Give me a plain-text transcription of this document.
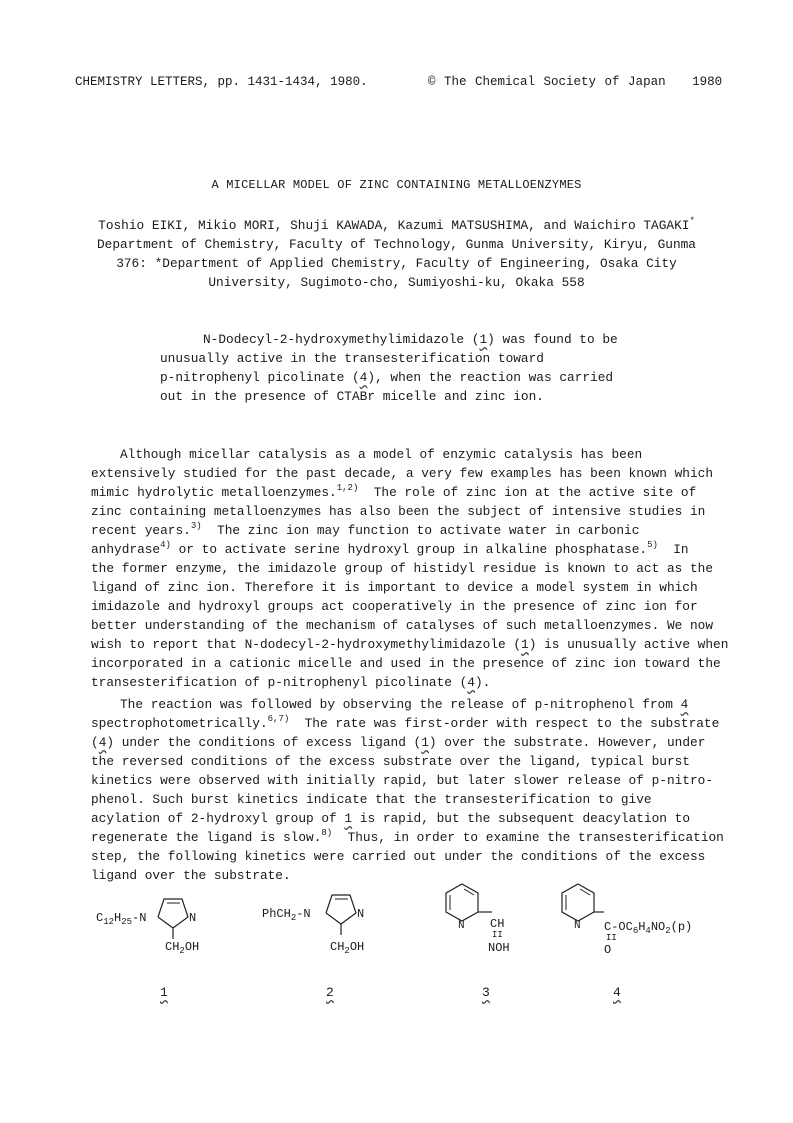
CHEMISTRY LETTERS, pp. 1431-1434, 1980.	© The Chemical Society of Japan 1980
A MICELLAR MODEL OF ZINC CONTAINING METALLOENZYMES
Toshio EIKI, Mikio MORI, Shuji KAWADA, Kazumi MATSUSHIMA, and Waichiro TAGAKI*
Department of Chemistry, Faculty of Technology, Gunma University, Kiryu, Gunma
376: *Department of Applied Chemistry, Faculty of Engineering, Osaka City
University, Sugimoto-cho, Sumiyoshi-ku, Okaka 558
N-Dodecyl-2-hydroxymethylimidazole (1) was found to be
unusually active in the transesterification toward
p-nitrophenyl picolinate (4), when the reaction was carried
out in the presence of CTABr micelle and zinc ion.
Although micellar catalysis as a model of enzymic catalysis has been
extensively studied for the past decade, a very few examples has been known which
mimic hydrolytic metalloenzymes.$^{1,2)}$ The role of zinc ion at the active site of
zinc containing metalloenzymes has also been the subject of intensive studies in
recent years.$^{3)}$ The zinc ion may function to activate water in carbonic
anhydrase$^{4)}$ or to activate serine hydroxyl group in alkaline phosphatase.$^{5)}$ In
the former enzyme, the imidazole group of histidyl residue is known to act as the
ligand of zinc ion. Therefore it is important to device a model system in which
imidazole and hydroxyl groups act cooperatively in the presence of zinc ion for
better understanding of the mechanism of catalyses of such metalloenzymes. We now
wish to report that N-dodecyl-2-hydroxymethylimidazole (1) is unusually active when
incorporated in a cationic micelle and used in the presence of zinc ion toward the
transesterification of p-nitrophenyl picolinate (4).
The reaction was followed by observing the release of p-nitrophenol from 4
spectrophotometrically.$^{6,7)}$ The rate was first-order with respect to the substrate
(4) under the conditions of excess ligand (1) over the substrate. However, under
the reversed conditions of the excess substrate over the ligand, typical burst
kinetics were observed with initially rapid, but later slower release of p-nitro-
phenol. Such burst kinetics indicate that the transesterification to give
acylation of 2-hydroxyl group of 1 is rapid, but the subsequent deacylation to
regenerate the ligand is slow.$^{8)}$ Thus, in order to examine the transesterification
step, the following kinetics were carried out under the conditions of the excess
ligand over the substrate.
$C_{12}H_{25}-N$	N
$CH_2OH$
1
PhCH$_2$-N	N
$CH_2OH$
2
N CH
II
NOH
3
N $C-OC_6H_4NO_2(p)$
II
O
4
